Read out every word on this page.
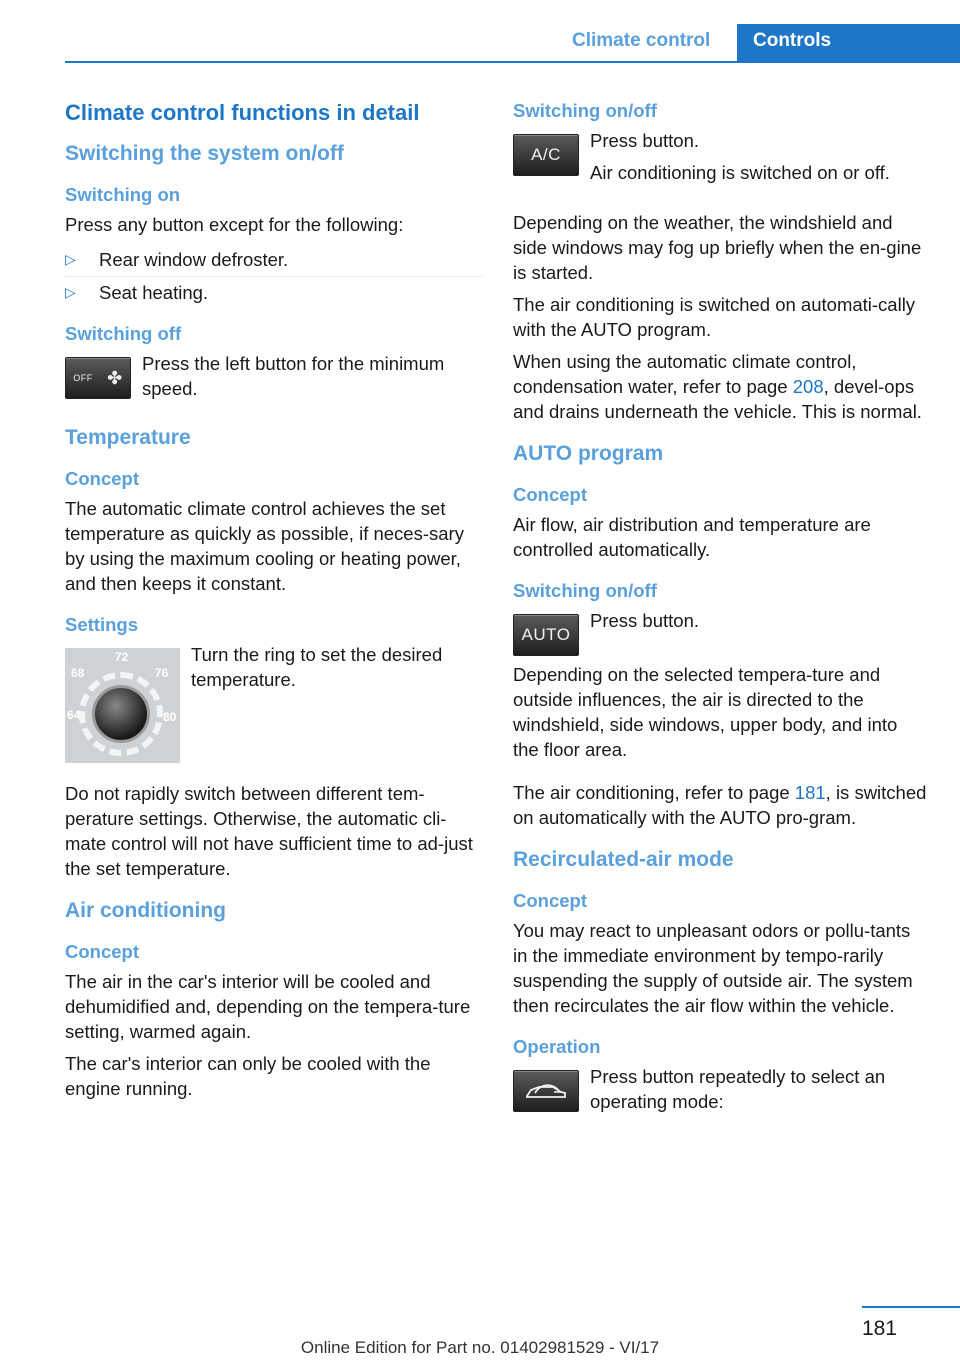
Climate control Controls
Climate control functions in detail
Switching the system on/off
Switching on
Press any button except for the following:
▷ Rear window defroster.
▷ Seat heating.
Switching off
OFF ✤
Press the left button for the minimum speed.
Temperature
Concept
The automatic climate control achieves the set temperature as quickly as possible, if neces-sary by using the maximum cooling or heating power, and then keeps it constant.
Settings
72
68	76
64	80
Turn the ring to set the desired temperature.
Do not rapidly switch between different tem-perature settings. Otherwise, the automatic cli-mate control will not have sufficient time to ad-just the set temperature.
Air conditioning
Concept
The air in the car's interior will be cooled and dehumidified and, depending on the tempera-ture setting, warmed again.
The car's interior can only be cooled with the engine running.
Switching on/off
A/C
Press button.
Air conditioning is switched on or off.
Depending on the weather, the windshield and side windows may fog up briefly when the en-gine is started.
The air conditioning is switched on automati-cally with the AUTO program.
When using the automatic climate control, condensation water, refer to page 208, devel-ops and drains underneath the vehicle. This is normal.
AUTO program
Concept
Air flow, air distribution and temperature are controlled automatically.
Switching on/off
AUTO
Press button.
Depending on the selected tempera-ture and outside influences, the air is directed to the windshield, side windows, upper body, and into the floor area.
The air conditioning, refer to page 181, is switched on automatically with the AUTO pro-gram.
Recirculated-air mode
Concept
You may react to unpleasant odors or pollu-tants in the immediate environment by tempo-rarily suspending the supply of outside air. The system then recirculates the air flow within the vehicle.
Operation
Press button repeatedly to select an operating mode:
181
Online Edition for Part no. 01402981529 - VI/17
